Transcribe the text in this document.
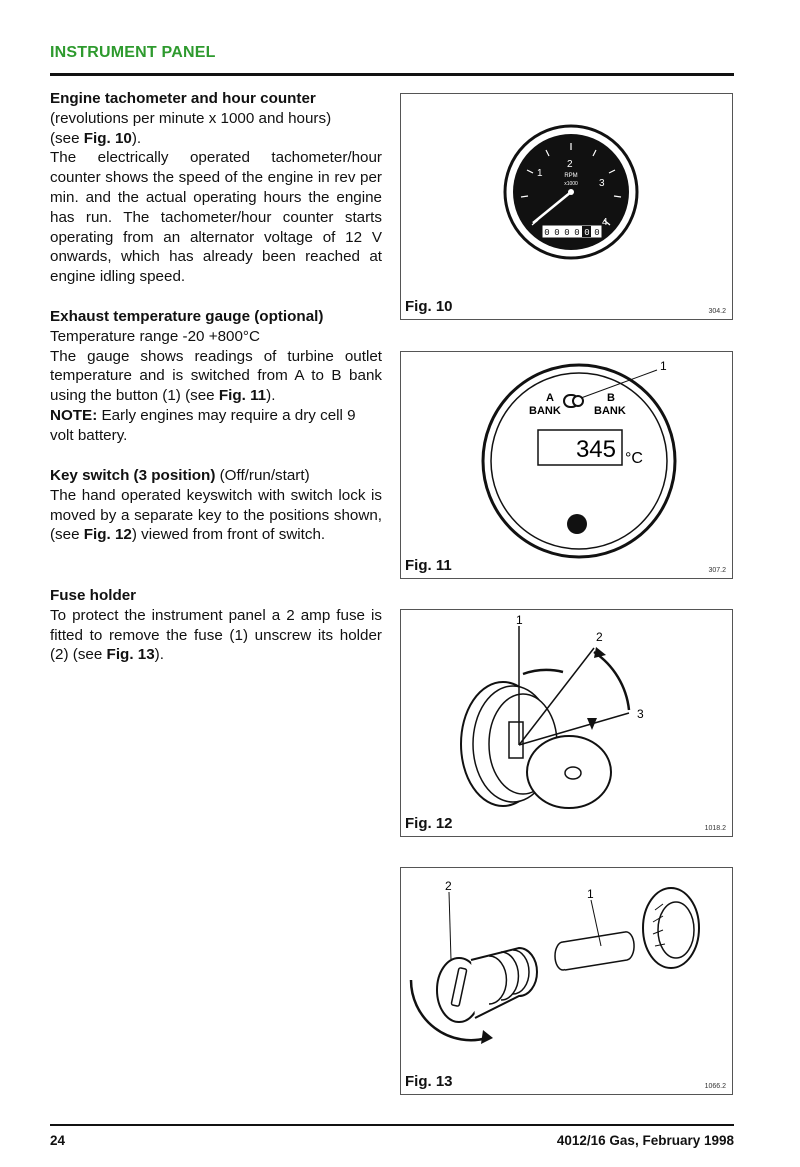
INSTRUMENT PANEL

Engine tachometer and hour counter

(revolutions per minute x 1000 and hours)

(see Fig. 10).

The electrically operated tachometer/hour counter shows the speed of the engine in rev per min. and the actual operating hours the engine has run. The tachometer/hour counter starts operating from an alternator voltage of 12 V onwards, which has already been reached at engine idling speed.

Exhaust temperature gauge (optional)

Temperature range -20 +800°C

The gauge shows readings of turbine outlet temperature and is switched from A to B bank using the button (1) (see Fig. 11).

NOTE: Early engines may require a dry cell 9 volt battery.

Key switch (3 position) (Off/run/start)

The hand operated keyswitch with switch lock is moved by a separate key to the positions shown, (see Fig. 12) viewed from front of switch.

Fuse holder

To protect the instrument panel a 2 amp fuse is fitted to remove the fuse (1) unscrew its holder (2) (see Fig. 13).

1
2
3
4
RPM
x1000
0 0 0 0 0 0
Fig. 10	304.2
A	B
BANK	BANK
1
345 °C
Fig. 11	307.2
1
2
3
Fig. 12	1018.2
2
1
Fig. 13	1066.2
24	4012/16 Gas, February 1998
